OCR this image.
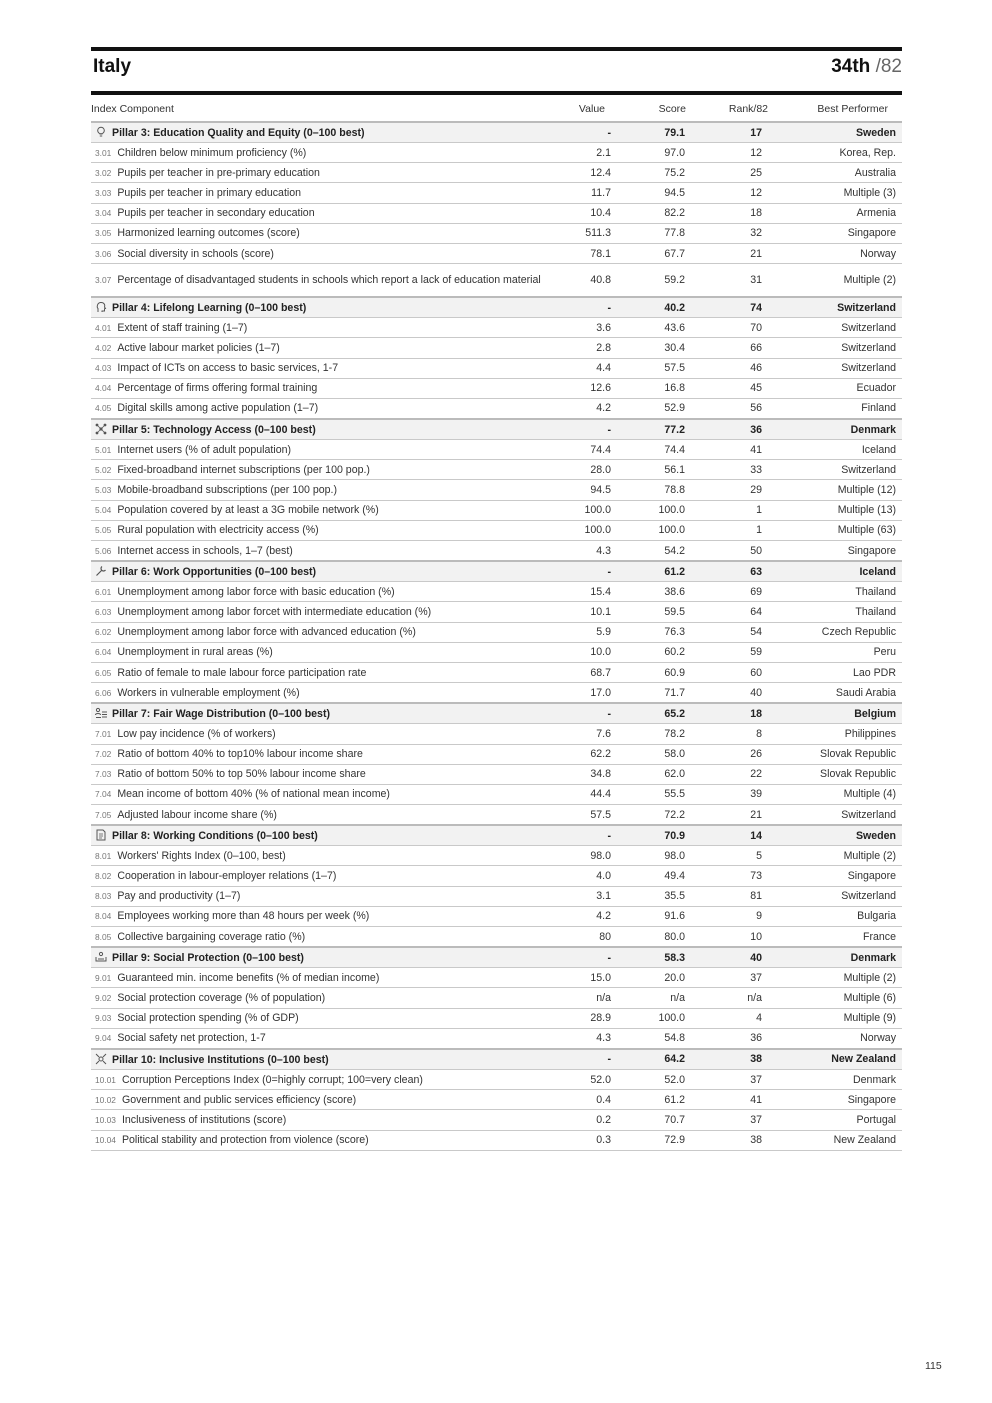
Italy	34th /82
Index Component	Value	Score	Rank/82	Best Performer
Pillar 3: Education Quality and Equity (0–100 best)	-	79.1	17	Sweden
3.01 Children below minimum proficiency (%)	2.1	97.0	12	Korea, Rep.
3.02 Pupils per teacher in pre-primary education	12.4	75.2	25	Australia
3.03 Pupils per teacher in primary education	11.7	94.5	12	Multiple (3)
3.04 Pupils per teacher in secondary education	10.4	82.2	18	Armenia
3.05 Harmonized learning outcomes (score)	511.3	77.8	32	Singapore
3.06 Social diversity in schools (score)	78.1	67.7	21	Norway
3.07 Percentage of disadvantaged students in schools which report a lack of education material	40.8	59.2	31	Multiple (2)
Pillar 4: Lifelong Learning (0–100 best)	-	40.2	74	Switzerland
4.01 Extent of staff training (1–7)	3.6	43.6	70	Switzerland
4.02 Active labour market policies (1–7)	2.8	30.4	66	Switzerland
4.03 Impact of ICTs on access to basic services, 1-7	4.4	57.5	46	Switzerland
4.04 Percentage of firms offering formal training	12.6	16.8	45	Ecuador
4.05 Digital skills among active population (1–7)	4.2	52.9	56	Finland
Pillar 5: Technology Access (0–100 best)	-	77.2	36	Denmark
5.01 Internet users (% of adult population)	74.4	74.4	41	Iceland
5.02 Fixed-broadband internet subscriptions (per 100 pop.)	28.0	56.1	33	Switzerland
5.03 Mobile-broadband subscriptions (per 100 pop.)	94.5	78.8	29	Multiple (12)
5.04 Population covered by at least a 3G mobile network (%)	100.0	100.0	1	Multiple (13)
5.05 Rural population with electricity access (%)	100.0	100.0	1	Multiple (63)
5.06 Internet access in schools, 1–7 (best)	4.3	54.2	50	Singapore
Pillar 6: Work Opportunities (0–100 best)	-	61.2	63	Iceland
6.01 Unemployment among labor force with basic education (%)	15.4	38.6	69	Thailand
6.03 Unemployment among labor forcet with intermediate education (%)	10.1	59.5	64	Thailand
6.02 Unemployment among labor force with advanced education (%)	5.9	76.3	54	Czech Republic
6.04 Unemployment in rural areas (%)	10.0	60.2	59	Peru
6.05 Ratio of female to male labour force participation rate	68.7	60.9	60	Lao PDR
6.06 Workers in vulnerable employment (%)	17.0	71.7	40	Saudi Arabia
Pillar 7: Fair Wage Distribution (0–100 best)	-	65.2	18	Belgium
7.01 Low pay incidence (% of workers)	7.6	78.2	8	Philippines
7.02 Ratio of bottom 40% to top10% labour income share	62.2	58.0	26	Slovak Republic
7.03 Ratio of bottom 50% to top 50% labour income share	34.8	62.0	22	Slovak Republic
7.04 Mean income of bottom 40% (% of national mean income)	44.4	55.5	39	Multiple (4)
7.05 Adjusted labour income share (%)	57.5	72.2	21	Switzerland
Pillar 8: Working Conditions (0–100 best)	-	70.9	14	Sweden
8.01 Workers' Rights Index (0–100, best)	98.0	98.0	5	Multiple (2)
8.02 Cooperation in labour-employer relations (1–7)	4.0	49.4	73	Singapore
8.03 Pay and productivity (1–7)	3.1	35.5	81	Switzerland
8.04 Employees working more than 48 hours per week (%)	4.2	91.6	9	Bulgaria
8.05 Collective bargaining coverage ratio (%)	80	80.0	10	France
Pillar 9: Social Protection (0–100 best)	-	58.3	40	Denmark
9.01 Guaranteed min. income benefits (% of median income)	15.0	20.0	37	Multiple (2)
9.02 Social protection coverage (% of population)	n/a	n/a	n/a	Multiple (6)
9.03 Social protection spending (% of GDP)	28.9	100.0	4	Multiple (9)
9.04 Social safety net protection, 1-7	4.3	54.8	36	Norway
Pillar 10: Inclusive Institutions (0–100 best)	-	64.2	38	New Zealand
10.01 Corruption Perceptions Index (0=highly corrupt; 100=very clean)	52.0	52.0	37	Denmark
10.02 Government and public services efficiency (score)	0.4	61.2	41	Singapore
10.03 Inclusiveness of institutions (score)	0.2	70.7	37	Portugal
10.04 Political stability and protection from violence (score)	0.3	72.9	38	New Zealand
115
